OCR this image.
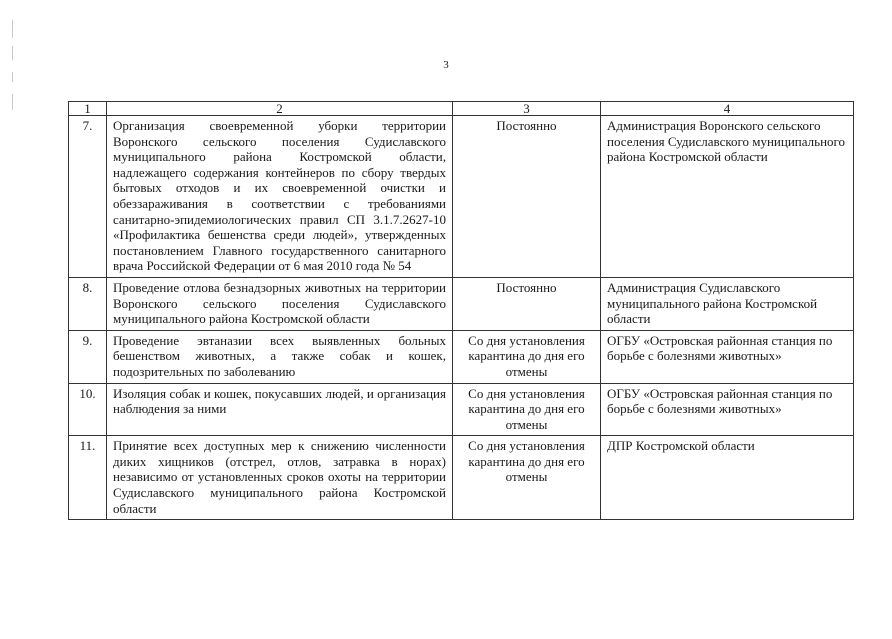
3
1	2	3	4
7.	Организация своевременной уборки территории Воронского сельского поселения Судиславского муниципального района Костромской области, надлежащего содержания контейнеров по сбору твердых бытовых отходов и их своевременной очистки и обеззараживания в соответствии с требованиями санитарно-эпидемиологических правил СП 3.1.7.2627-10 «Профилактика бешенства среди людей», утвержденных постановлением Главного государственного санитарного врача Российской Федерации от 6 мая 2010 года № 54	Постоянно	Администрация Воронского сельского поселения Судиславского муниципального района Костромской области
8.	Проведение отлова безнадзорных животных на территории Воронского сельского поселения Судиславского муниципального района Костромской области	Постоянно	Администрация Судиславского муниципального района Костромской области
9.	Проведение эвтаназии всех выявленных больных бешенством животных, а также собак и кошек, подозрительных по заболеванию	Со дня установления карантина до дня его отмены	ОГБУ «Островская районная станция по борьбе с болезнями животных»
10.	Изоляция собак и кошек, покусавших людей, и организация наблюдения за ними	Со дня установления карантина до дня его отмены	ОГБУ «Островская районная станция по борьбе с болезнями животных»
11.	Принятие всех доступных мер к снижению численности диких хищников (отстрел, отлов, затравка в норах) независимо от установленных сроков охоты на территории Судиславского муниципального района Костромской области	Со дня установления карантина до дня его отмены	ДПР Костромской области
